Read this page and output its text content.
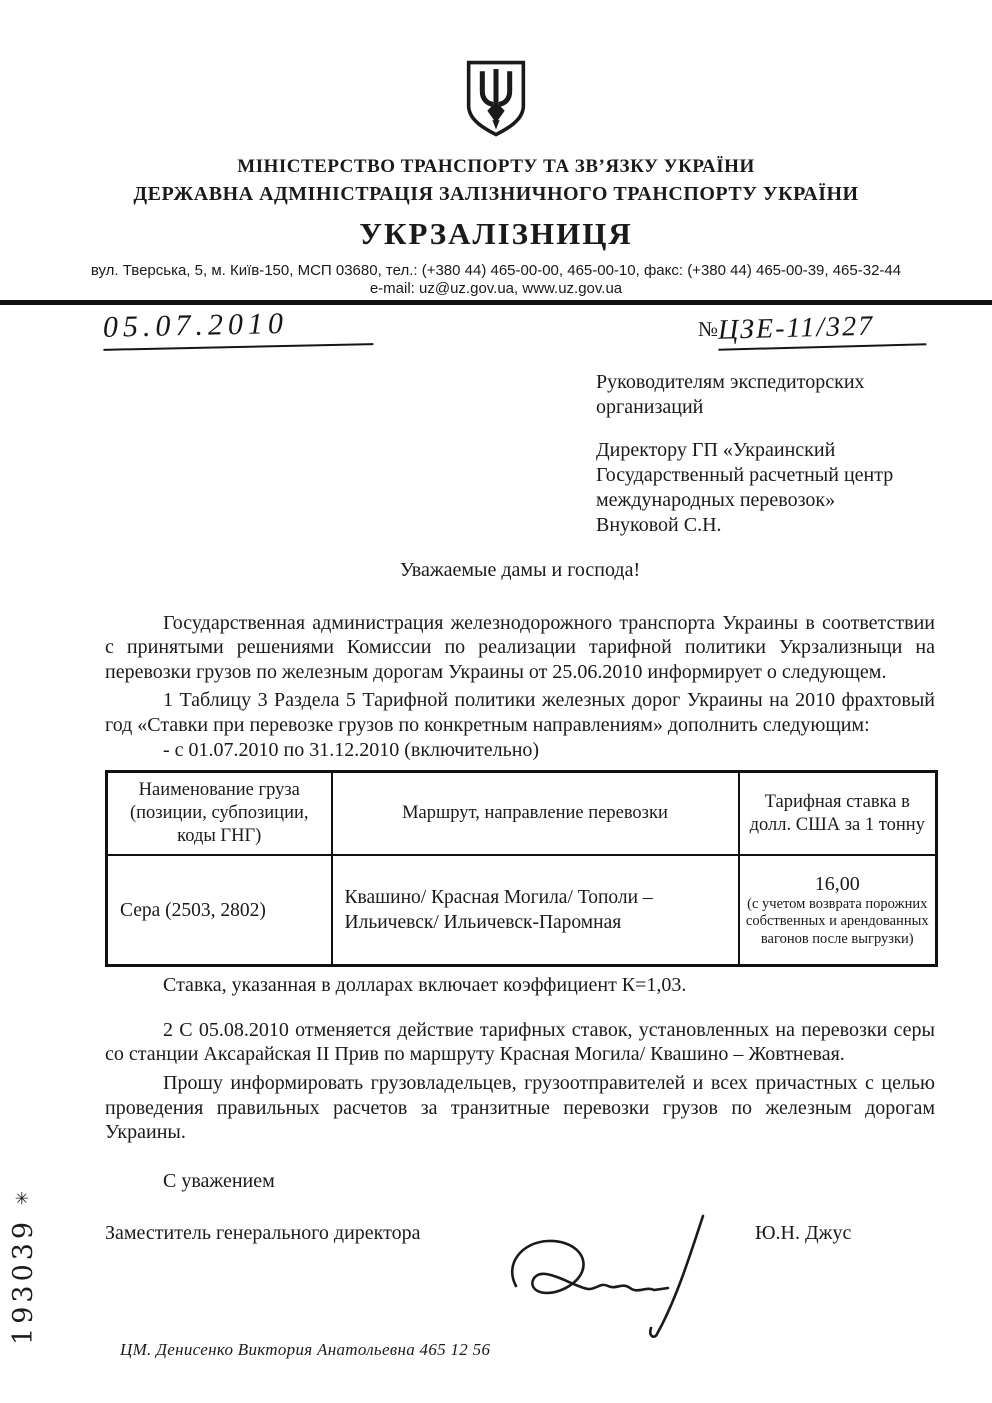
МІНІСТЕРСТВО ТРАНСПОРТУ ТА ЗВ’ЯЗКУ УКРАЇНИ
ДЕРЖАВНА АДМІНІСТРАЦІЯ ЗАЛІЗНИЧНОГО ТРАНСПОРТУ УКРАЇНИ
УКРЗАЛІЗНИЦЯ
вул. Тверська, 5, м. Київ-150, МСП 03680, тел.: (+380 44) 465-00-00, 465-00-10, факс: (+380 44) 465-00-39, 465-32-44
e-mail: uz@uz.gov.ua, www.uz.gov.ua
05.07.2010	№ЦЗЕ-11/327
Руководителям экспедиторских
организаций
Директору ГП «Украинский
Государственный расчетный центр
международных перевозок»
Внуковой С.Н.
Уважаемые дамы и господа!

Государственная администрация железнодорожного транспорта Украины в соответствии с принятыми решениями Комиссии по реализации тарифной политики Укрзализныци на перевозки грузов по железным дорогам Украины от 25.06.2010 информирует о следующем.

1 Таблицу 3 Раздела 5 Тарифной политики железных дорог Украины на 2010 фрахтовый год «Ставки при перевозке грузов по конкретным направлениям» дополнить следующим:

- с 01.07.2010 по 31.12.2010 (включительно)

Наименование груза (позиции, субпозиции, коды ГНГ)	Маршрут, направление перевозки	Тарифная ставка в долл. США за 1 тонну
Сера (2503, 2802)	Квашино/ Красная Могила/ Тополи – Ильичевск/ Ильичевск-Паромная	16,00
(с учетом возврата порожних собственных и арендованных вагонов после выгрузки)

Ставка, указанная в долларах включает коэффициент К=1,03.

2 С 05.08.2010 отменяется действие тарифных ставок, установленных на перевозки серы со станции Аксарайская II Прив по маршруту Красная Могила/ Квашино – Жовтневая.

Прошу информировать грузовладельцев, грузоотправителей и всех причастных с целью проведения правильных расчетов за транзитные перевозки грузов по железным дорогам Украины.

С уважением

Заместитель генерального директора	Ю.Н. Джус
ЦМ. Денисенко Виктория Анатольевна 465 12 56
193039 ✳
